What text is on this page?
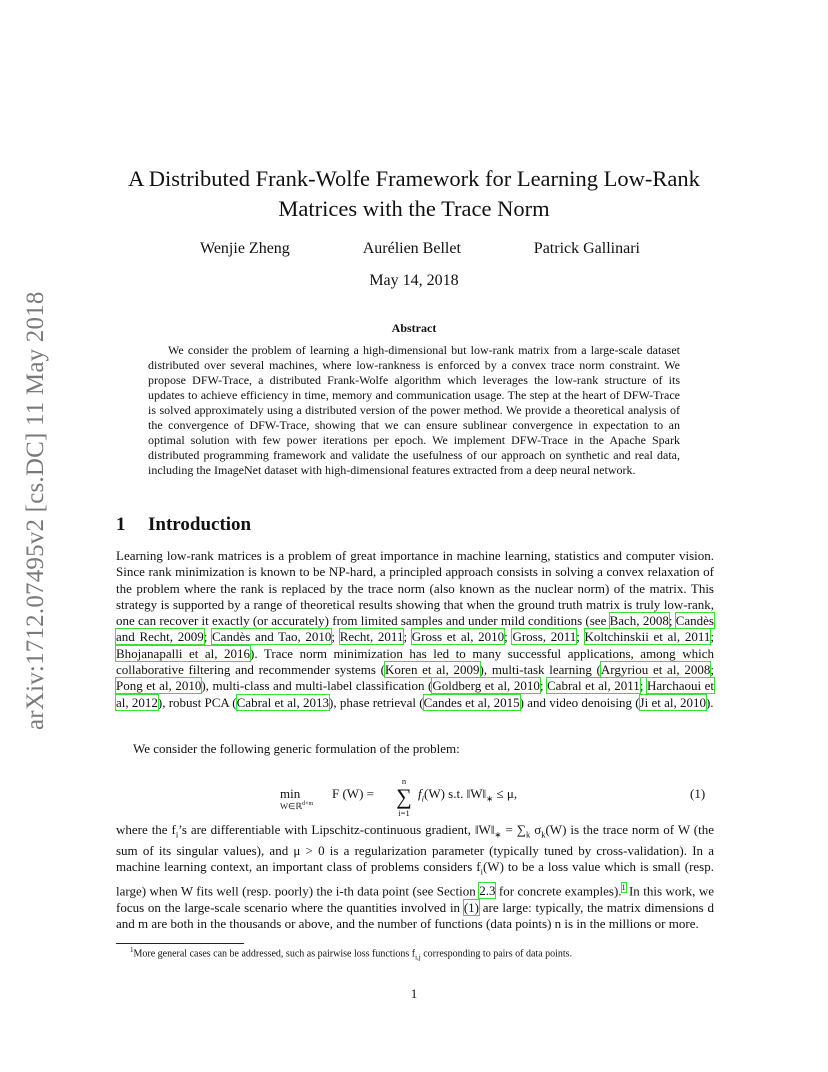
arXiv:1712.07495v2 [cs.DC] 11 May 2018
A Distributed Frank-Wolfe Framework for Learning Low-Rank
Matrices with the Trace Norm
Wenjie Zheng	Aurélien Bellet	Patrick Gallinari
May 14, 2018
Abstract

We consider the problem of learning a high-dimensional but low-rank matrix from a large-scale dataset distributed over several machines, where low-rankness is enforced by a convex trace norm constraint. We propose DFW-Trace, a distributed Frank-Wolfe algorithm which leverages the low-rank structure of its updates to achieve efficiency in time, memory and communication usage. The step at the heart of DFW-Trace is solved approximately using a distributed version of the power method. We provide a theoretical analysis of the convergence of DFW-Trace, showing that we can ensure sublinear convergence in expectation to an optimal solution with few power iterations per epoch. We implement DFW-Trace in the Apache Spark distributed programming framework and validate the usefulness of our approach on synthetic and real data, including the ImageNet dataset with high-dimensional features extracted from a deep neural network.

1 Introduction

Learning low-rank matrices is a problem of great importance in machine learning, statistics and computer vision. Since rank minimization is known to be NP-hard, a principled approach consists in solving a convex relaxation of the problem where the rank is replaced by the trace norm (also known as the nuclear norm) of the matrix. This strategy is supported by a range of theoretical results showing that when the ground truth matrix is truly low-rank, one can recover it exactly (or accurately) from limited samples and under mild conditions (see Bach, 2008; Candès and Recht, 2009; Candès and Tao, 2010; Recht, 2011; Gross et al, 2010; Gross, 2011; Koltchinskii et al, 2011; Bhojanapalli et al, 2016). Trace norm minimization has led to many successful applications, among which collaborative filtering and recommender systems (Koren et al, 2009), multi-task learning (Argyriou et al, 2008; Pong et al, 2010), multi-class and multi-label classification (Goldberg et al, 2010; Cabral et al, 2011; Harchaoui et al, 2012), robust PCA (Cabral et al, 2013), phase retrieval (Candes et al, 2015) and video denoising (Ji et al, 2010).

We consider the following generic formulation of the problem:

min
W∈ℝ$^{d\times m}$
F (W) =
n
∑
i=1
$f_i(W)$ s.t. $‖W‖_∗ \le \mu$,	(1)

where the $f_i’s$ are differentiable with Lipschitz-continuous gradient, $‖W‖_∗ = \sum_k$ $\sigma_k(W)$ is the trace norm of W (the sum of its singular values), and μ > 0 is a regularization parameter (typically tuned by cross-validation). In a machine learning context, an important class of problems considers $f_i(W)$ to be a loss value which is small (resp. large) when W fits well (resp. poorly) the i-th data point (see Section 2.3 for concrete examples).$^1$ In this work, we focus on the large-scale scenario where the quantities involved in (1) are large: typically, the matrix dimensions d and m are both in the thousands or above, and the number of functions (data points) n is in the millions or more.

$^1$More general cases can be addressed, such as pairwise loss functions $f_{i,j}$ corresponding to pairs of data points.
1
